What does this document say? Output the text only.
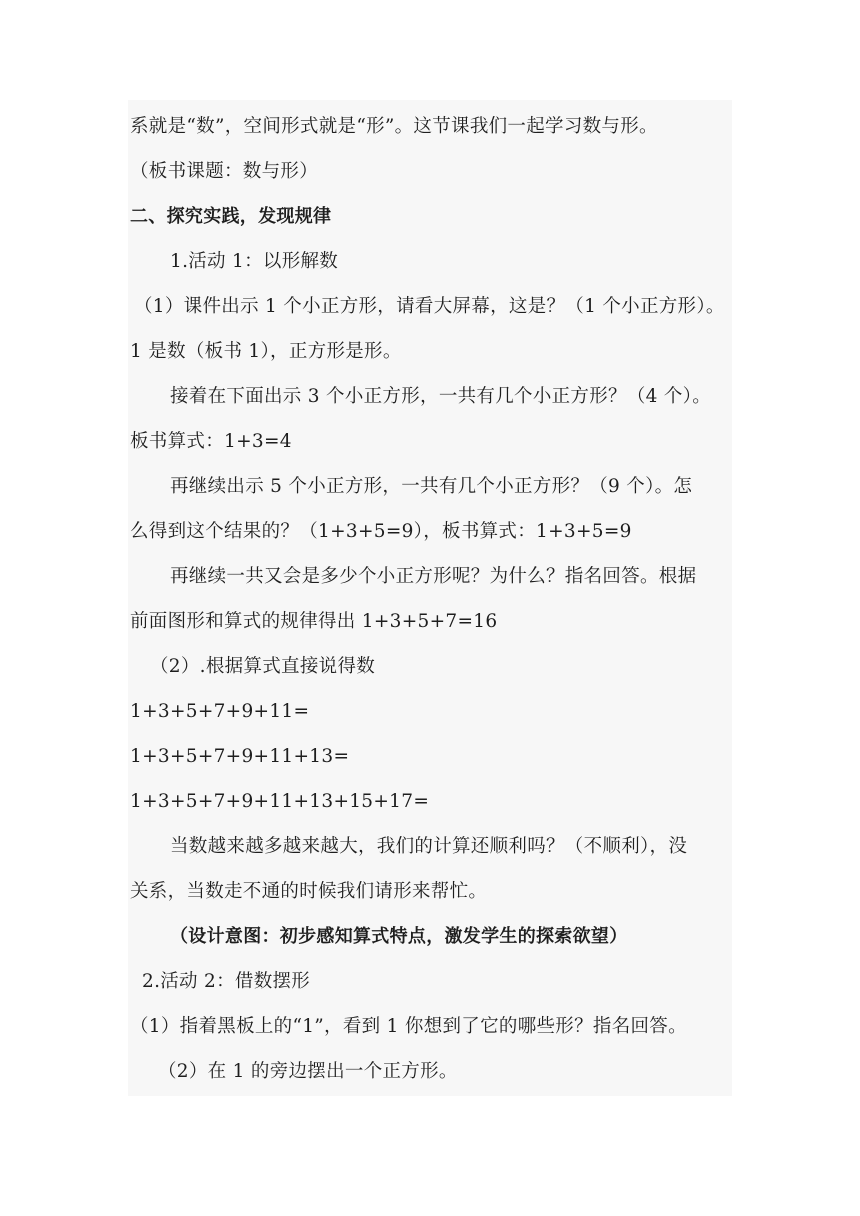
系就是“数”，空间形式就是“形”。这节课我们一起学习数与形。
（板书课题：数与形）
二、探究实践，发现规律
1.活动 1：以形解数
（1）课件出示 1 个小正方形，请看大屏幕，这是？（1 个小正方形）。
1 是数（板书 1），正方形是形。
接着在下面出示 3 个小正方形，一共有几个小正方形？（4 个）。
板书算式：1+3=4
再继续出示 5 个小正方形，一共有几个小正方形？（9 个）。怎
么得到这个结果的？（1+3+5=9），板书算式：1+3+5=9
再继续一共又会是多少个小正方形呢？为什么？指名回答。根据
前面图形和算式的规律得出 1+3+5+7=16
（2）.根据算式直接说得数
1+3+5+7+9+11=
1+3+5+7+9+11+13=
1+3+5+7+9+11+13+15+17=
当数越来越多越来越大，我们的计算还顺利吗？（不顺利），没
关系，当数走不通的时候我们请形来帮忙。
（设计意图：初步感知算式特点，激发学生的探索欲望）
2.活动 2：借数摆形
（1）指着黑板上的“1”，看到 1 你想到了它的哪些形？指名回答。
（2）在 1 的旁边摆出一个正方形。
